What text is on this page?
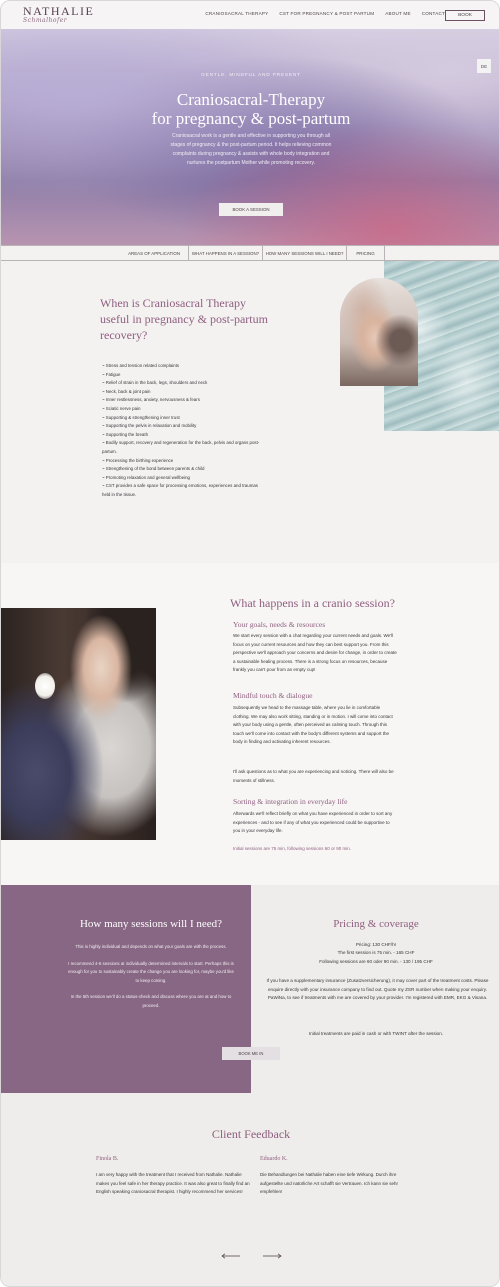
NATHALIE
Schmalhofer
CRANIOSACRAL THERAPY CST FOR PREGNANCY & POST PARTUM ABOUT ME CONTACT	BOOK
DE
GENTLE, MINDFUL AND PRESENT
Craniosacral-Therapy
for pregnancy & post-partum
Craniosacral work is a gentle and effective in supporting you through all stages of pregnancy & the post-partum period. It helps relieving common complaints during pregnancy & assists with whole body integration and nurtures the postpartum Mother while promoting recovery.
BOOK A SESSION
AREAS OF APPLICATION	WHAT HAPPENS IN A SESSION?	HOW MANY SESSIONS WILL I NEED?	PRICING
When is Craniosacral Therapy useful in pregnancy & post-partum recovery?
~ Stress and tension related complaints
~ Fatigue
~ Relief of strain in the back, legs, shoulders and neck
~ Neck, back & joint pain
~ Inner restlessness, anxiety, nervousness & fears
~ Sciatic nerve pain
~ Supporting & strengthening inner trust
~ Supporting the pelvis in relaxation and mobility
~ Supporting the breath
~ Bodily support, recovery and regeneration for the back, pelvis and organs post-partum.
~ Processing the birthing experience
~ Strengthening of the bond between parents & child
~ Promoting relaxation and general wellbeing
~ CST provides a safe space for processing emotions, experiences and traumas held in the tissue.
What happens in a cranio session?
Your goals, needs & resources
We start every session with a chat regarding your current needs and goals. We'll focus on your current resources and how they can best support you. From this perspective we'll approach your concerns and desire for change, in order to create a sustainable healing process. There is a strong focus on resources, because frankly you can't pour from an empty cup!
Mindful touch & dialogue
Subsequently we head to the massage table, where you lie in comfortable clothing. We may also work sitting, standing or in motion. I will come into contact with your body using a gentle, often perceived as calming touch. Through this touch we'll come into contact with the body's different systems and support the body in finding and activating inherent resources.
I'll ask questions as to what you are experiencing and noticing. There will also be moments of stillness.
Sorting & integration in everyday life
Afterwards we'll reflect briefly on what you have experienced in order to sort any experiences - and to see if any of what you experienced could be supportive to you in your everyday life.
Initial sessions are 75 min, following sessions 60 or 90 min.
How many sessions will I need?
This is highly individual and depends on what your goals are with the process.
I recommend 4-6 sessions at individually determined intervals to start. Perhaps this is enough for you to sustainably create the change you are looking for, maybe you'd like to keep coming.
In the 5th session we'll do a status-check and discuss where you are at and how to proceed.
Pricing & coverage
Pricing: 130 CHF/hr
The first session is 75 min. - 165 CHF
Following sessions are 60 oder 90 min. - 130 / 195 CHF
If you have a supplementary insurance (Zusatzversicherung), it may cover part of the treatment costs. Please enquire directly with your insurance company to find out. Quote my ZSR number when making your enquiry. PaWiNa, to see if treatments with me are covered by your provider. I'm registered with EMR, EKG & Visana.
Initial treatments are paid in cash or with TWINT after the session.
BOOK ME IN
Client Feedback
Finola B.
I am very happy with the treatment that I received from Nathalie. Nathalie makes you feel safe in her therapy practice. It was also great to finally find an English speaking craniosacral therapist. I highly recommend her services!
Eduardo K.
Die Behandlungen bei Nathalie haben eine tiefe Wirkung. Durch ihre aufgestellte und natürliche Art schafft sie Vertrauen. Ich kann sie sehr empfehlen!
